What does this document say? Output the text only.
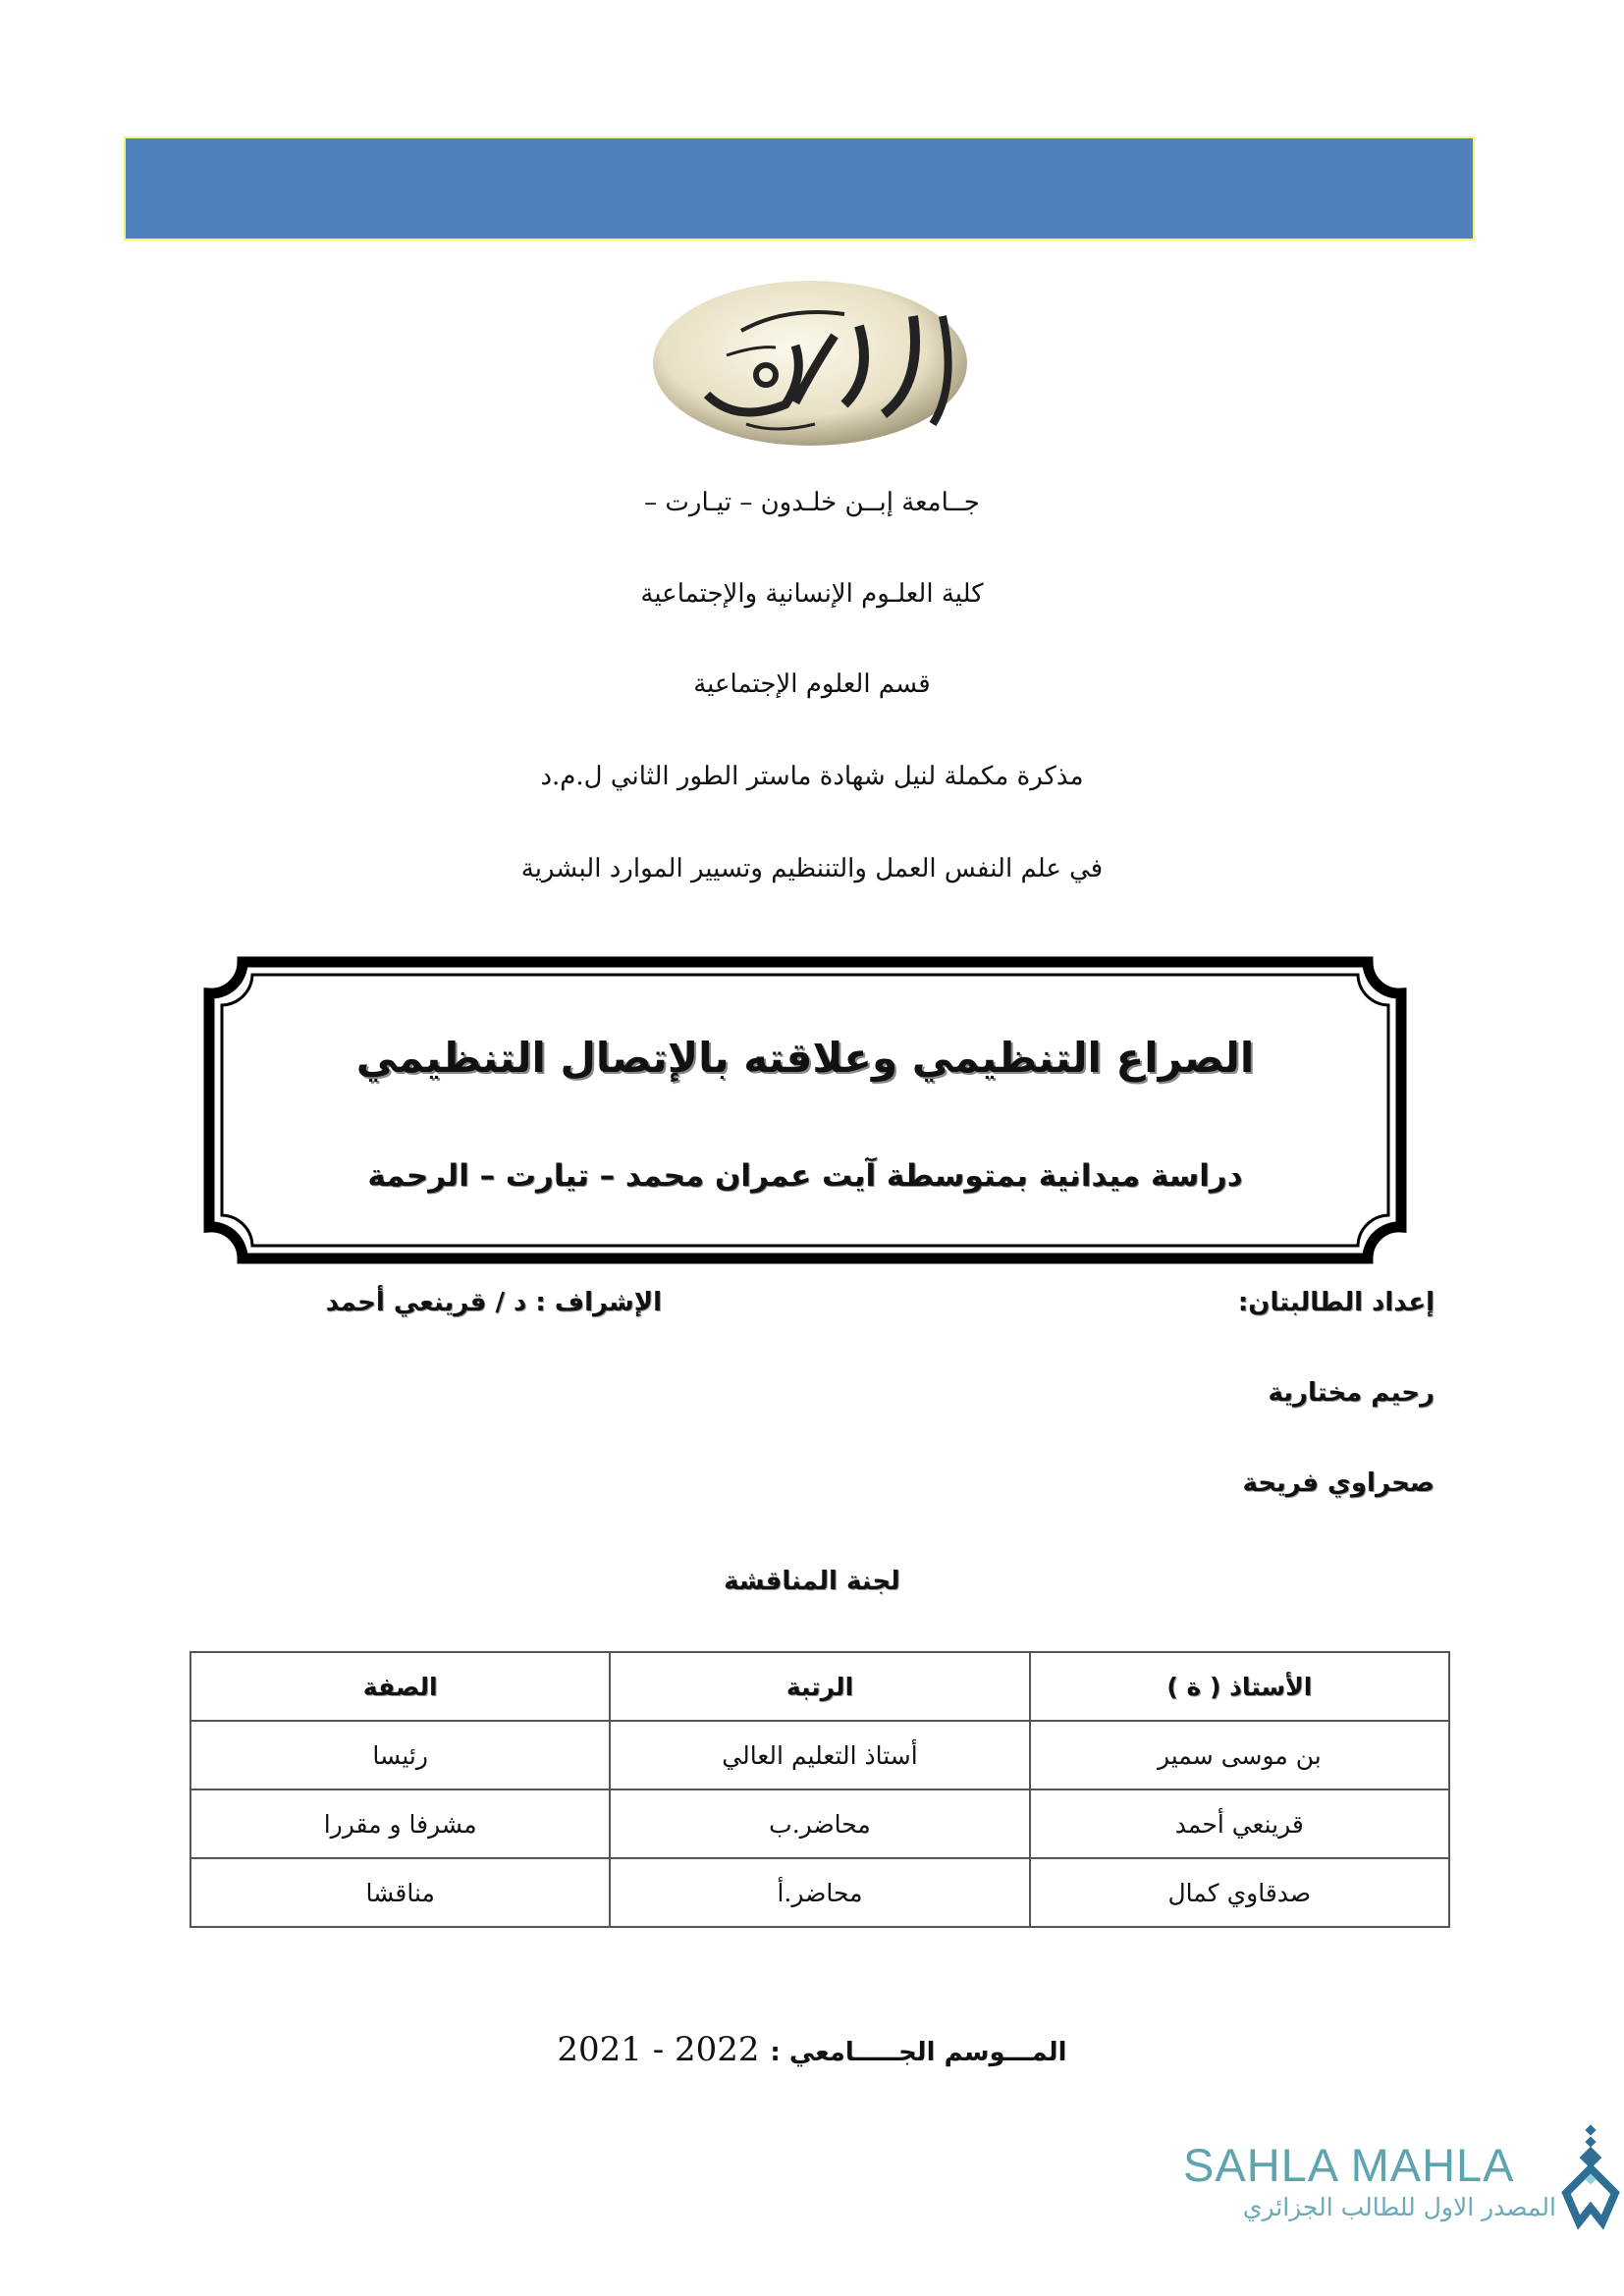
جــامعة إبــن خلـدون – تيـارت –
كلية العلـوم الإنسانية والإجتماعية
قسم العلوم الإجتماعية
مذكرة مكملة لنيل شهادة ماستر الطور الثاني ل.م.د
في علم النفس العمل والتننظيم وتسيير الموارد البشرية
الصراع التنظيمي وعلاقته بالإتصال التنظيمي
دراسة ميدانية بمتوسطة آيت عمران محمد – تيارت – الرحمة
إعداد الطالبتان:
الإشراف : د / قرينعي أحمد
رحيم مختارية
صحراوي فريحة
لجنة المناقشة
الأستاذ ( ة )	الرتبة	الصفة
بن موسى سمير	أستاذ التعليم العالي	رئيسا
قرينعي أحمد	محاضر.ب	مشرفا و مقررا
صدقاوي كمال	محاضر.أ	مناقشا
المـــوسم الجـــــامعي : 2021 - 2022
SAHLA MAHLA
المصدر الاول للطالب الجزائري
